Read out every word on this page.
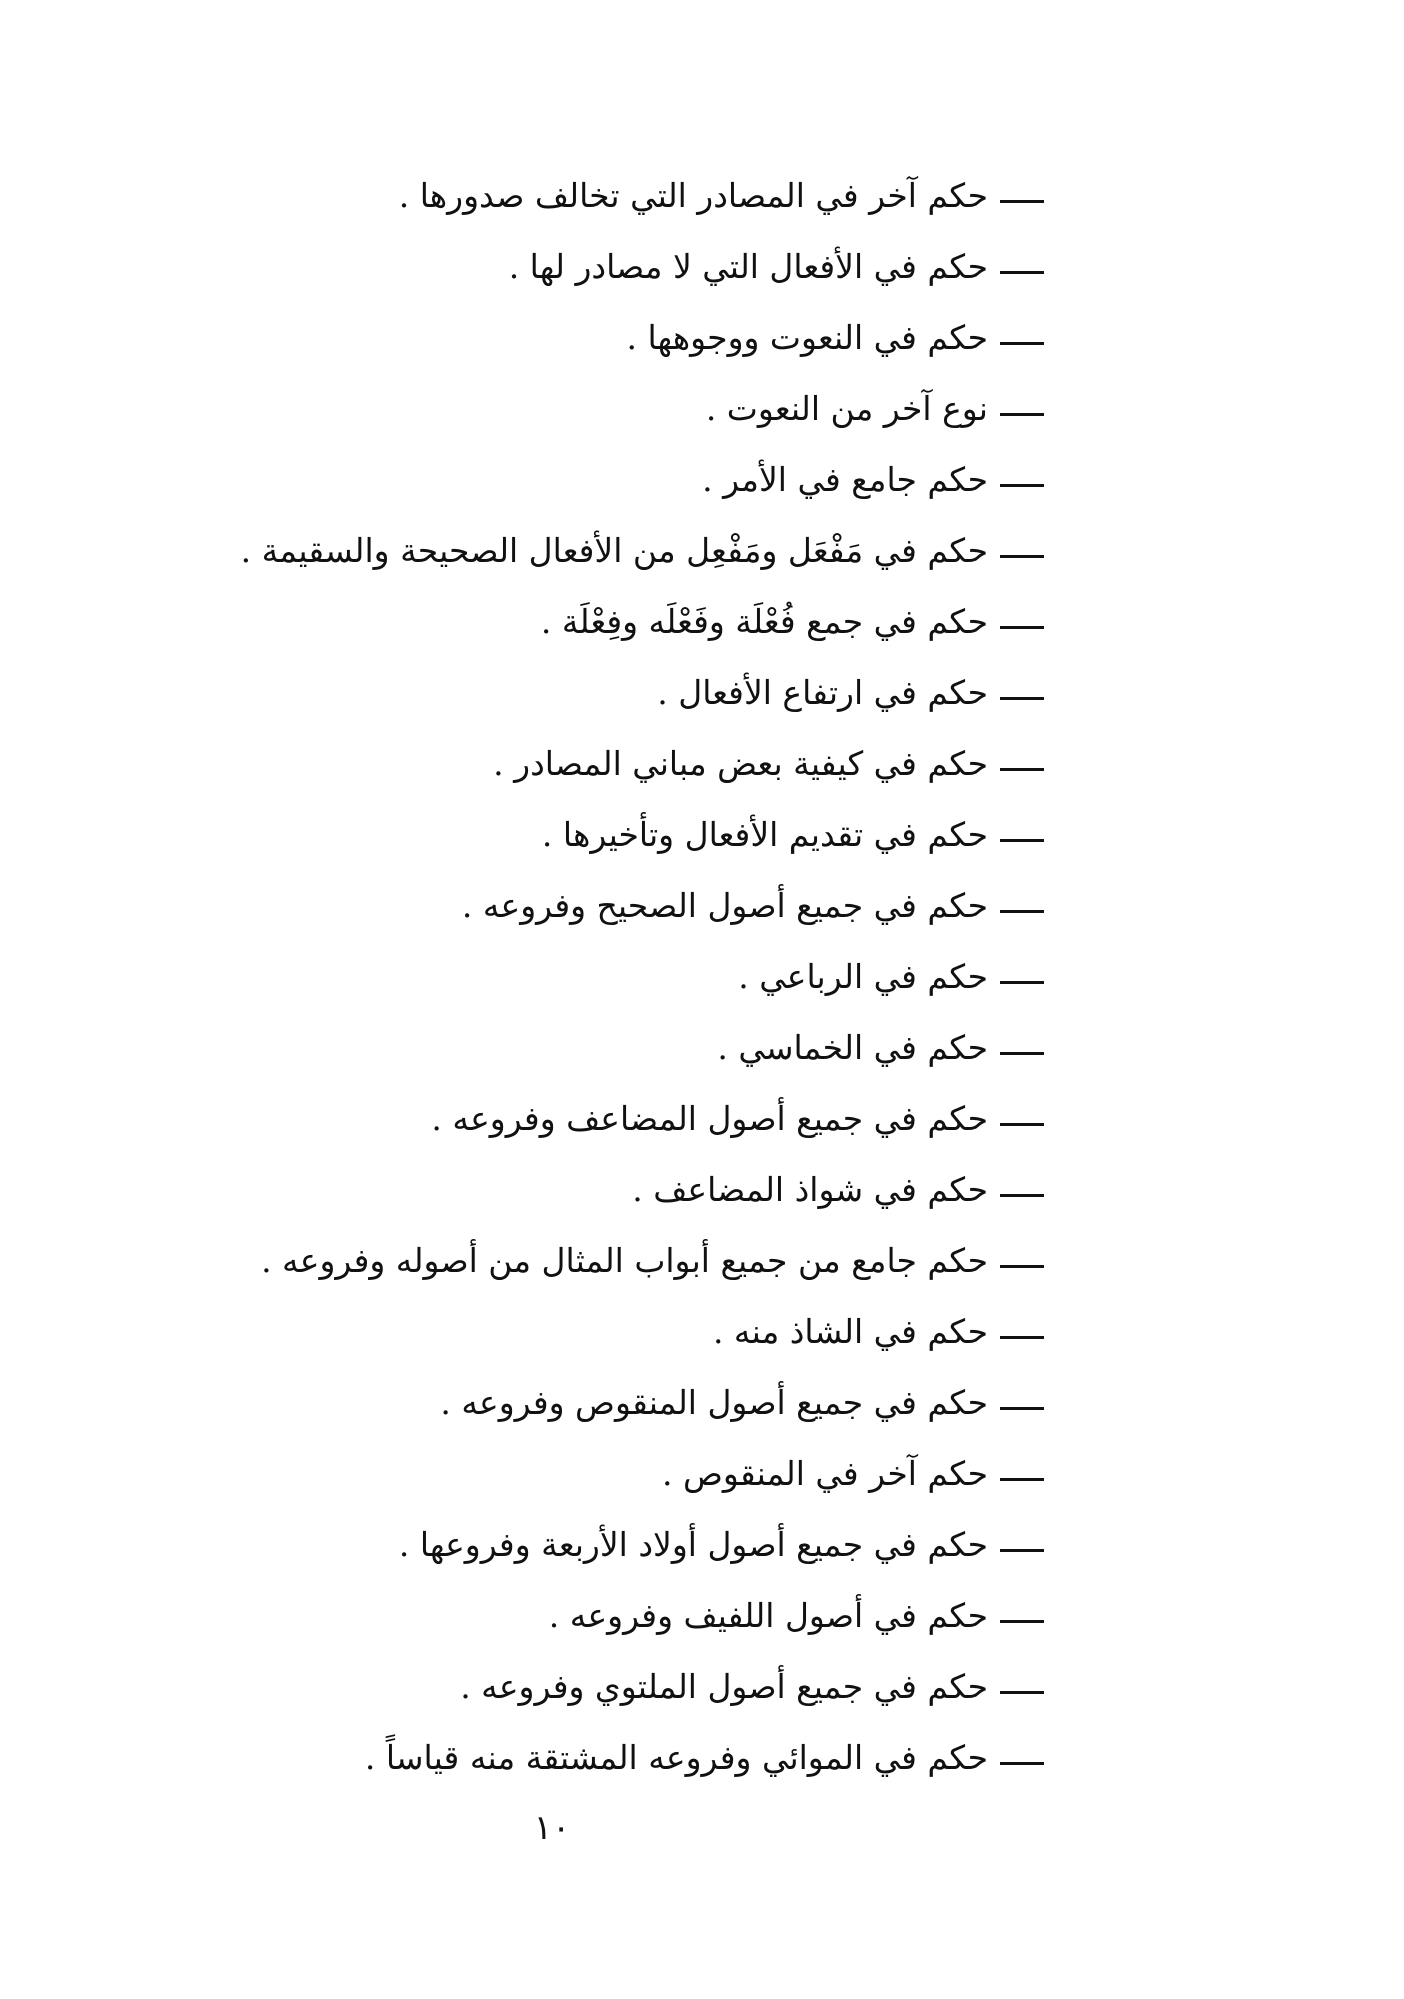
حكم آخر في المصادر التي تخالف صدورها .
حكم في الأفعال التي لا مصادر لها .
حكم في النعوت ووجوهها .
نوع آخر من النعوت .
حكم جامع في الأمر .
حكم في مَفْعَل ومَفْعِل من الأفعال الصحيحة والسقيمة .
حكم في جمع فُعْلَة وفَعْلَه وفِعْلَة .
حكم في ارتفاع الأفعال .
حكم في كيفية بعض مباني المصادر .
حكم في تقديم الأفعال وتأخيرها .
حكم في جميع أصول الصحيح وفروعه .
حكم في الرباعي .
حكم في الخماسي .
حكم في جميع أصول المضاعف وفروعه .
حكم في شواذ المضاعف .
حكم جامع من جميع أبواب المثال من أصوله وفروعه .
حكم في الشاذ منه .
حكم في جميع أصول المنقوص وفروعه .
حكم آخر في المنقوص .
حكم في جميع أصول أولاد الأربعة وفروعها .
حكم في أصول اللفيف وفروعه .
حكم في جميع أصول الملتوي وفروعه .
حكم في الموائي وفروعه المشتقة منه قياساً .
١٠
